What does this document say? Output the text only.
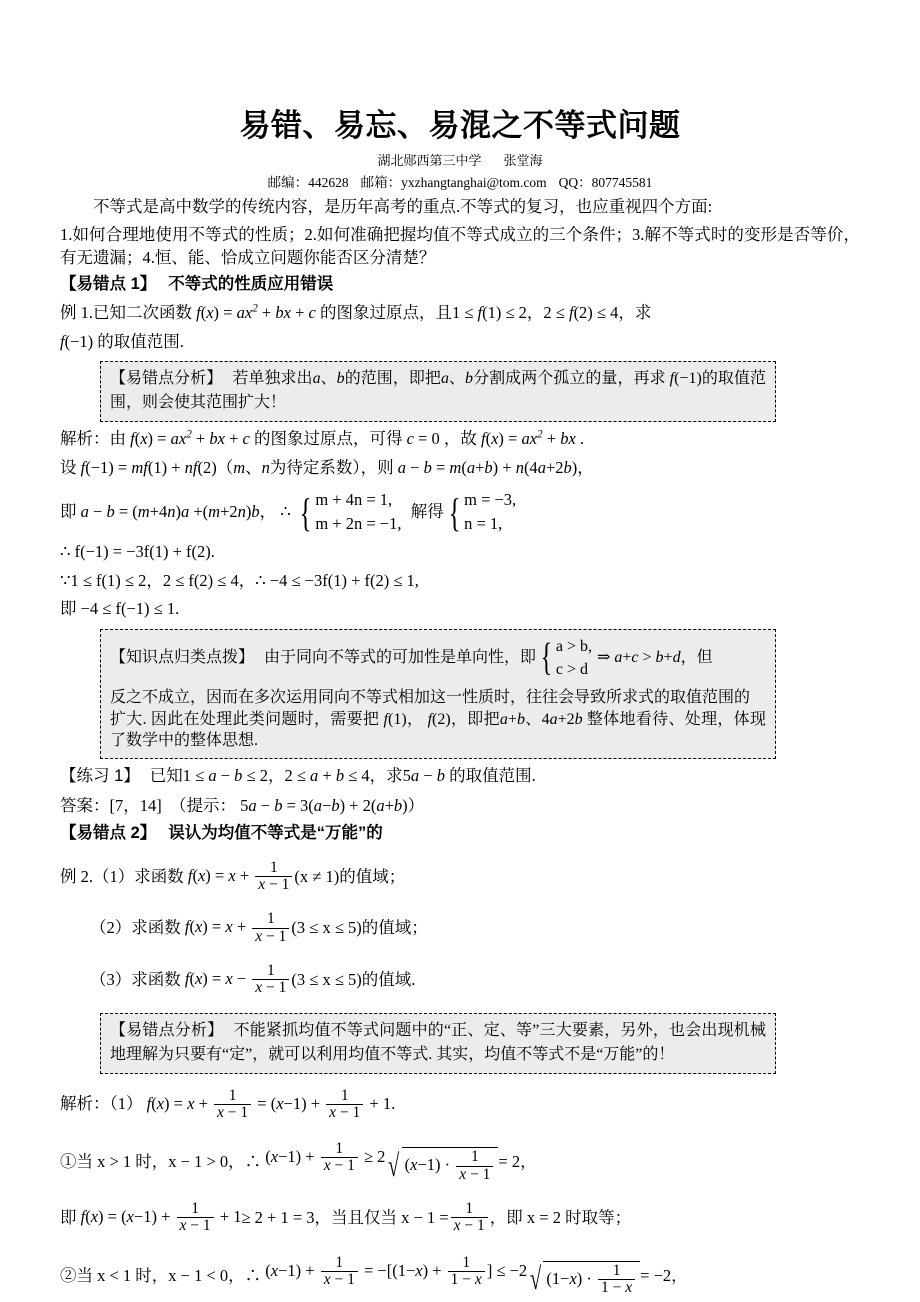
易错、易忘、易混之不等式问题
湖北郧西第三中学 张堂海
邮编：442628 邮箱：yxzhangtanghai@tom.com QQ：807745581

不等式是高中数学的传统内容，是历年高考的重点.不等式的复习，也应重视四个方面:

1.如何合理地使用不等式的性质；2.如何准确把握均值不等式成立的三个条件；3.解不等式时的变形是否等价，有无遗漏；4.恒、能、恰成立问题你能否区分清楚？

【易错点 1】 不等式的性质应用错误

例 1.已知二次函数 $f(x) = ax^2$ + bx + c 的图象过原点，且1 ≤ f(1) ≤ 2，2 ≤ f(2) ≤ 4，求

f(−1) 的取值范围.

【易错点分析】 若单独求出a、b的范围，即把a、b分割成两个孤立的量，再求 f(−1)的取值范围，则会使其范围扩大！

解析：由 $f(x) = ax^2$ + bx + c 的图象过原点，可得 c = 0 ，故 $f(x) = ax^2$ + bx .

设 f(−1) = mf(1) + nf(2)（m、n为待定系数），则 a − b = m(a+b) + n(4a+2b)，

即 a − b = (m+4n)a +(m+2n)b， ∴ { m + 4n = 1,
m + 2n = −1,
解得 { m = −3,
n = 1,

∴ f(−1) = −3f(1) + f(2).

∵1 ≤ f(1) ≤ 2，2 ≤ f(2) ≤ 4，∴ −4 ≤ −3f(1) + f(2) ≤ 1,

即 −4 ≤ f(−1) ≤ 1.

【知识点归类点拨】 由于同向不等式的可加性是单向性，即 { a > b,
c > d
⇒ a+c > b+d，但
反之不成立，因而在多次运用同向不等式相加这一性质时，往往会导致所求式的取值范围的
扩大. 因此在处理此类问题时，需要把 f(1)， f(2)，即把a+b、4a+2b 整体地看待、处理，体现了数学中的整体思想.

【练习 1】 已知1 ≤ a − b ≤ 2，2 ≤ a + b ≤ 4，求5a − b 的取值范围.

答案：[7，14] （提示： 5a − b = 3(a−b) + 2(a+b)）

【易错点 2】 误认为均值不等式是“万能”的

例 2.（1）求函数 $f(x) = x + \frac{1}{x - 1} (x \ne 1)$的值域；

（2）求函数 $f(x) = x + \frac{1}{x - 1} (3 \le x \le 5)$的值域；

（3）求函数 $f(x) = x - \frac{1}{x - 1} (3 \le x \le 5)$的值域.

【易错点分析】 不能紧抓均值不等式问题中的“正、定、等”三大要素，另外，也会出现机械地理解为只要有“定”，就可以利用均值不等式. 其实，均值不等式不是“万能”的！

解析：（1） $f(x) = x + \frac{1}{x - 1} = (x-1) + \frac{1}{x - 1} + 1$.

①当 x > 1 时，x − 1 > 0，∴ $(x-1) + \frac{1}{x - 1} \ge 2√$ $(x-1) \cdot \frac{1}{x - 1} = 2$，

即 $f(x) = (x-1) + \frac{1}{x - 1} + 1\ge 2 + 1 = 3$，当且仅当 $x - 1 = \frac{1}{x - 1}$ ，即 x = 2 时取等；

②当 x < 1 时，x − 1 < 0，∴ $(x-1) + \frac{1}{x - 1} = -[(1-x) + \frac{1}{1 - x}$ ] ≤ −2√ $(1-x) \cdot \frac{1}{1 - x} = -2$，
